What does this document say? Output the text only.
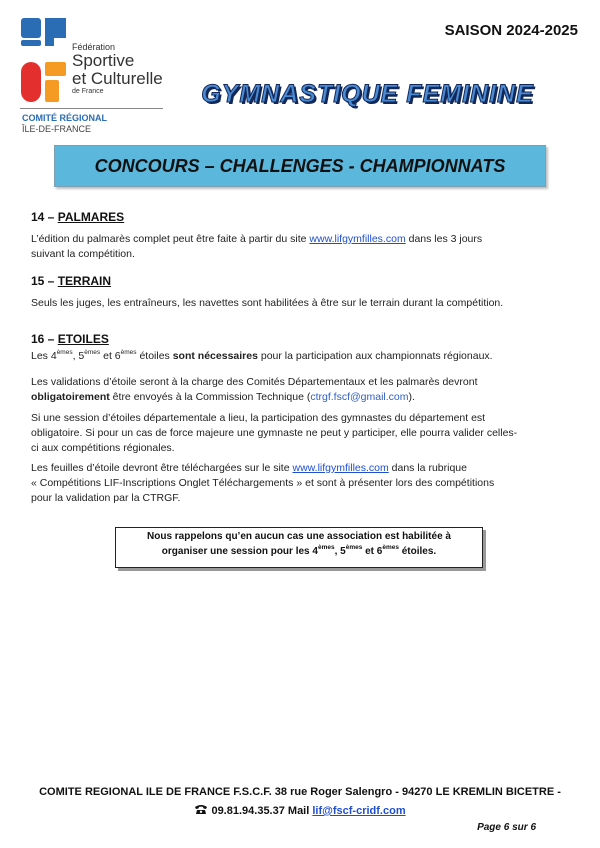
Fédération
Sportive
et Culturelle
de France
COMITÉ RÉGIONAL
ÎLE-DE-FRANCE
SAISON 2024-2025
GYMNASTIQUE FEMININE
CONCOURS – CHALLENGES - CHAMPIONNATS
14 – PALMARES
L’édition du palmarès complet peut être faite à partir du site www.lifgymfilles.com dans les 3 jours
suivant la compétition.
15 – TERRAIN
Seuls les juges, les entraîneurs, les navettes sont habilitées à être sur le terrain durant la compétition.
16 – ETOILES
Les 4èmes, 5èmes et 6èmes étoiles sont nécessaires pour la participation aux championnats régionaux.
Les validations d’étoile seront à la charge des Comités Départementaux et les palmarès devront
obligatoirement être envoyés à la Commission Technique (ctrgf.fscf@gmail.com).
Si une session d’étoiles départementale a lieu, la participation des gymnastes du département est
obligatoire. Si pour un cas de force majeure une gymnaste ne peut y participer, elle pourra valider celles-
ci aux compétitions régionales.
Les feuilles d’étoile devront être téléchargées sur le site www.lifgymfilles.com dans la rubrique
« Compétitions LIF-Inscriptions Onglet Téléchargements » et sont à présenter lors des compétitions
pour la validation par la CTRGF.
Nous rappelons qu’en aucun cas une association est habilitée à
organiser une session pour les 4èmes, 5èmes et 6èmes étoiles.
COMITE REGIONAL ILE DE FRANCE F.S.C.F. 38 rue Roger Salengro - 94270 LE KREMLIN BICETRE -
09.81.94.35.37 Mail lif@fscf-cridf.com
Page 6 sur 6
